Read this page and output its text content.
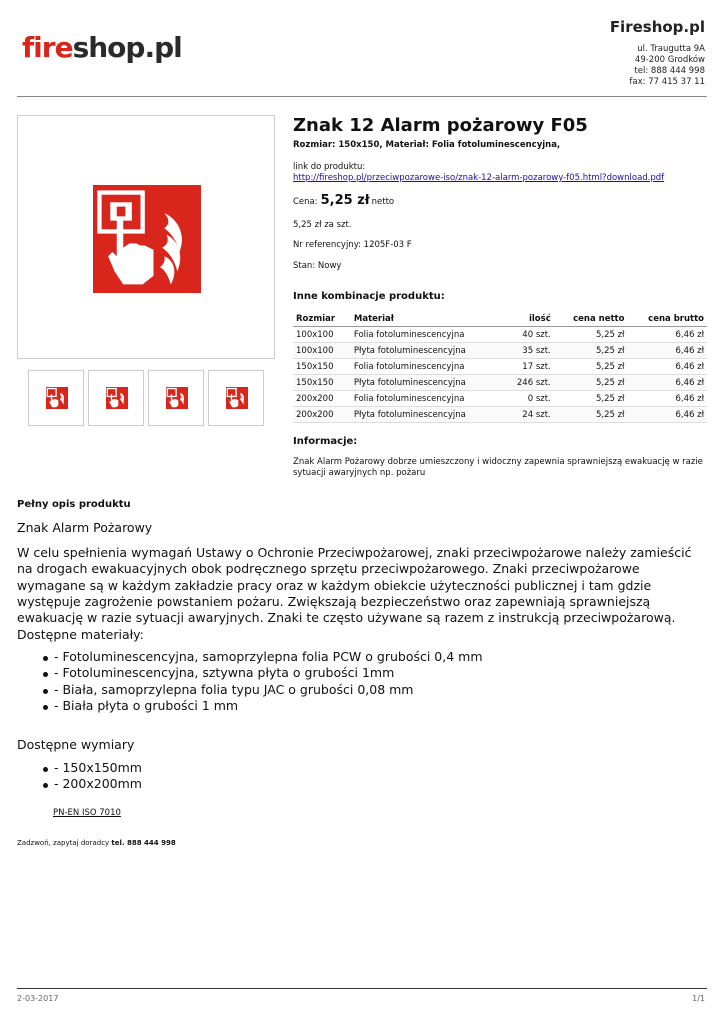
fireshop.pl
Fireshop.pl
ul. Traugutta 9A
49-200 Grodków
tel: 888 444 998
fax: 77 415 37 11
Znak 12 Alarm pożarowy F05
Rozmiar: 150x150, Materiał: Folia fotoluminescencyjna,
link do produktu:
http://fireshop.pl/przeciwpozarowe-iso/znak-12-alarm-pozarowy-f05.html?download.pdf
Cena: 5,25 zł netto
5,25 zł za szt.
Nr referencyjny: 1205F-03 F
Stan: Nowy
Inne kombinacje produktu:
Rozmiar	Materiał	ilość	cena netto	cena brutto
100x100	Folia fotoluminescencyjna	40 szt.	5,25 zł	6,46 zł
100x100	Płyta fotoluminescencyjna	35 szt.	5,25 zł	6,46 zł
150x150	Folia fotoluminescencyjna	17 szt.	5,25 zł	6,46 zł
150x150	Płyta fotoluminescencyjna	246 szt.	5,25 zł	6,46 zł
200x200	Folia fotoluminescencyjna	0 szt.	5,25 zł	6,46 zł
200x200	Płyta fotoluminescencyjna	24 szt.	5,25 zł	6,46 zł
Informacje:
Znak Alarm Pożarowy dobrze umieszczony i widoczny zapewnia sprawniejszą ewakuację w razie sytuacji awaryjnych np. pożaru
Pełny opis produktu
Znak Alarm Pożarowy
W celu spełnienia wymagań Ustawy o Ochronie Przeciwpożarowej, znaki przeciwpożarowe należy zamieścić na drogach ewakuacyjnych obok podręcznego sprzętu przeciwpożarowego. Znaki przeciwpożarowe wymagane są w każdym zakładzie pracy oraz w każdym obiekcie użyteczności publicznej i tam gdzie występuje zagrożenie powstaniem pożaru. Zwiększają bezpieczeństwo oraz zapewniają sprawniejszą ewakuację w razie sytuacji awaryjnych. Znaki te często używane są razem z instrukcją przeciwpożarową.
Dostępne materiały:
- Fotoluminescencyjna, samoprzylepna folia PCW o grubości 0,4 mm
- Fotoluminescencyjna, sztywna płyta o grubości 1mm
- Biała, samoprzylepna folia typu JAC o grubości 0,08 mm
- Biała płyta o grubości 1 mm
Dostępne wymiary
- 150x150mm
- 200x200mm
PN-EN ISO 7010
Zadzwoń, zapytaj doradcy tel. 888 444 998
2-03-2017	1/1
